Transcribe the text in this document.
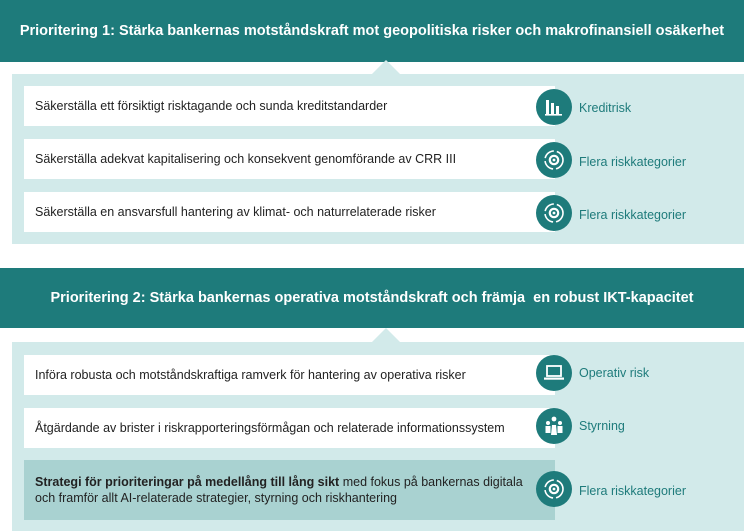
Prioritering 1: Stärka bankernas motståndskraft mot geopolitiska risker och makrofinansiell osäkerhet
Säkerställa ett försiktigt risktagande och sunda kreditstandarder	Kreditrisk
Säkerställa adekvat kapitalisering och konsekvent genomförande av CRR III	Flera riskkategorier
Säkerställa en ansvarsfull hantering av klimat- och naturrelaterade risker	Flera riskkategorier
Prioritering 2: Stärka bankernas operativa motståndskraft och främja  en robust IKT-kapacitet
Införa robusta och motståndskraftiga ramverk för hantering av operativa risker	Operativ risk
Åtgärdande av brister i riskrapporteringsförmågan och relaterade informationssystem	Styrning
Strategi för prioriteringar på medellång till lång sikt med fokus på bankernas digitala och framför allt AI-relaterade strategier, styrning och riskhantering	Flera riskkategorier
